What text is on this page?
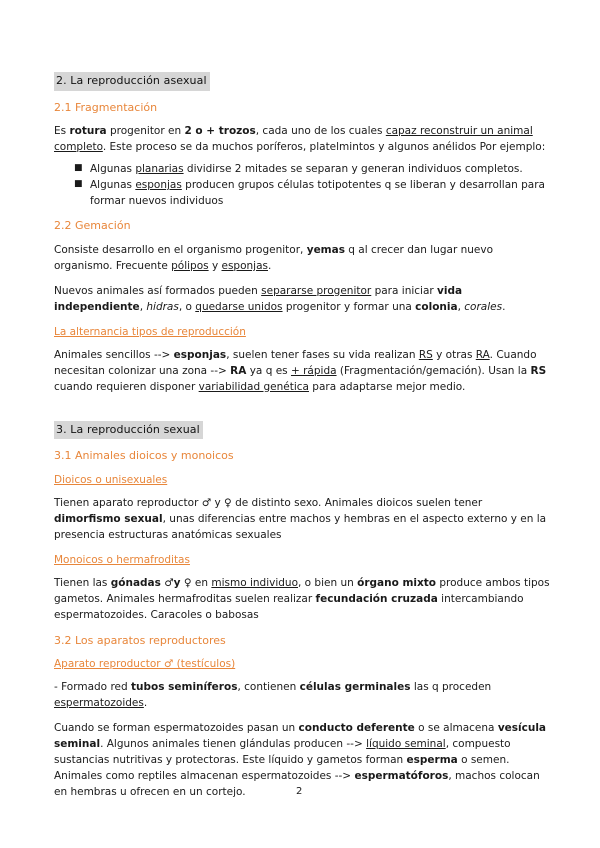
2. La reproducción asexual
2.1 Fragmentación

Es rotura progenitor en 2 o + trozos, cada uno de los cuales capaz reconstruir un animal completo. Este proceso se da muchos poríferos, platelmintos y algunos anélidos Por ejemplo:

■ Algunas planarias dividirse 2 mitades se separan y generan individuos completos.
■ Algunas esponjas producen grupos células totipotentes q se liberan y desarrollan para formar nuevos individuos
2.2 Gemación

Consiste desarrollo en el organismo progenitor, yemas q al crecer dan lugar nuevo organismo. Frecuente pólipos y esponjas.

Nuevos animales así formados pueden separarse progenitor para iniciar vida independiente, hidras, o quedarse unidos progenitor y formar una colonia, corales.

La alternancia tipos de reproducción

Animales sencillos --> esponjas, suelen tener fases su vida realizan RS y otras RA. Cuando necesitan colonizar una zona --> RA ya q es + rápida (Fragmentación/gemación). Usan la RS cuando requieren disponer variabilidad genética para adaptarse mejor medio.

3. La reproducción sexual
3.1 Animales dioicos y monoicos
Dioicos o unisexuales

Tienen aparato reproductor ♂ y ♀ de distinto sexo. Animales dioicos suelen tener dimorfismo sexual, unas diferencias entre machos y hembras en el aspecto externo y en la presencia estructuras anatómicas sexuales

Monoicos o hermafroditas

Tienen las gónadas ♂y ♀ en mismo individuo, o bien un órgano mixto produce ambos tipos gametos. Animales hermafroditas suelen realizar fecundación cruzada intercambiando espermatozoides. Caracoles o babosas

3.2 Los aparatos reproductores
Aparato reproductor ♂ (testículos)

- Formado red tubos seminíferos, contienen células germinales las q proceden espermatozoides.

Cuando se forman espermatozoides pasan un conducto deferente o se almacena vesícula seminal. Algunos animales tienen glándulas producen --> líquido seminal, compuesto sustancias nutritivas y protectoras. Este líquido y gametos forman esperma o semen. Animales como reptiles almacenan espermatozoides --> espermatóforos, machos colocan en hembras u ofrecen en un cortejo.	2
